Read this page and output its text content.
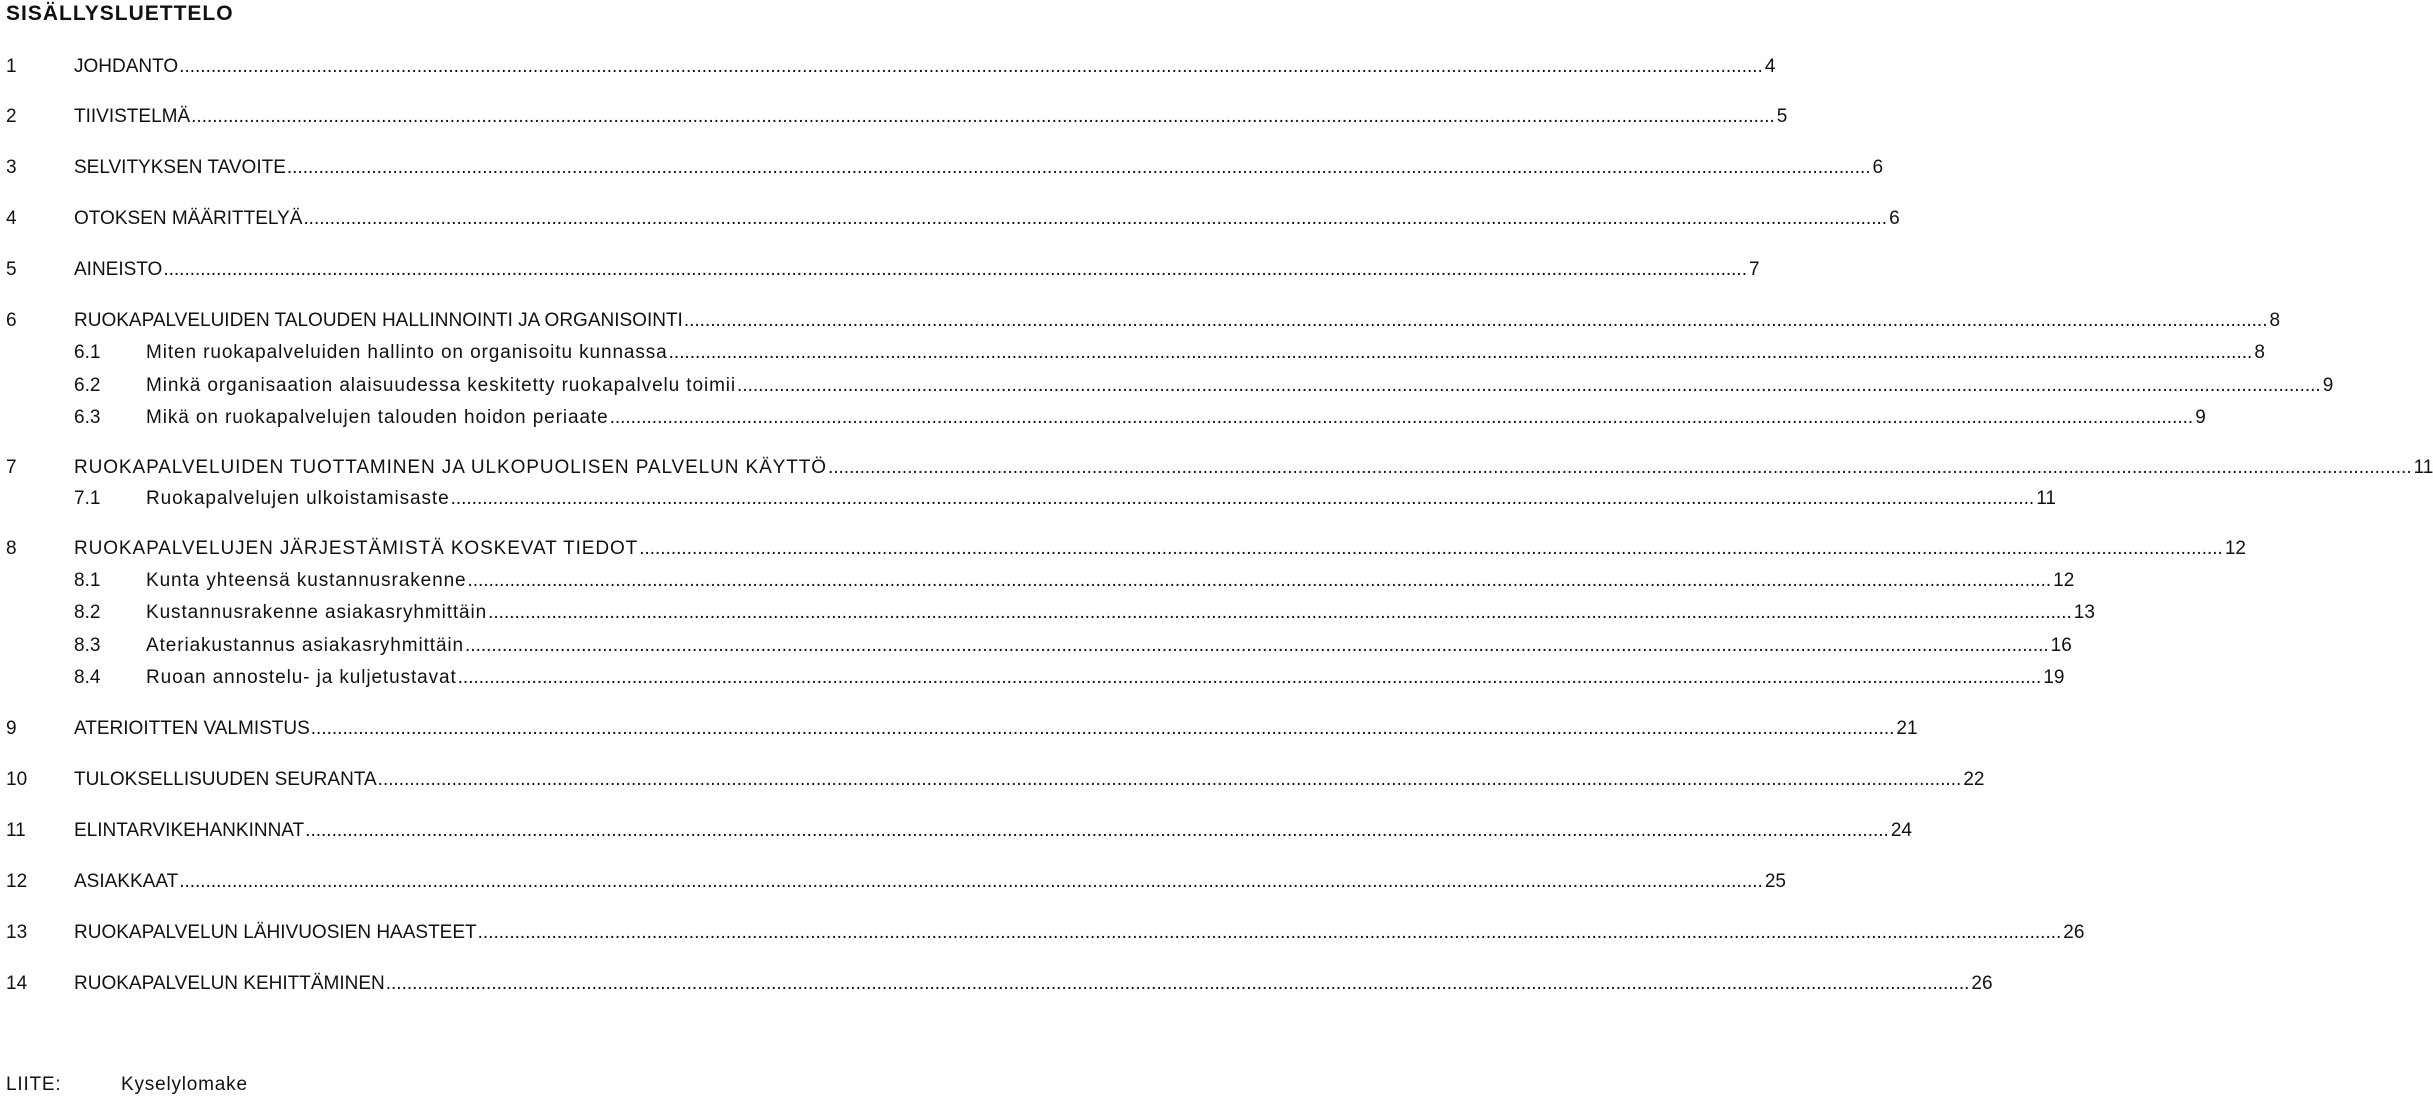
SISÄLLYSLUETTELO
1	JOHDANTO ............................................................................................................................................................................................................................................................................................................ 4
2	TIIVISTELMÄ ............................................................................................................................................................................................................................................................................................................ 5
3	SELVITYKSEN TAVOITE ............................................................................................................................................................................................................................................................................................................ 6
4	OTOKSEN MÄÄRITTELYÄ ............................................................................................................................................................................................................................................................................................................ 6
5	AINEISTO ............................................................................................................................................................................................................................................................................................................ 7
6	RUOKAPALVELUIDEN TALOUDEN HALLINNOINTI JA ORGANISOINTI ............................................................................................................................................................................................................................................................................................................ 8
6.1 Miten ruokapalveluiden hallinto on organisoitu kunnassa ............................................................................................................................................................................................................................................................................................................ 8
6.2 Minkä organisaation alaisuudessa keskitetty ruokapalvelu toimii ............................................................................................................................................................................................................................................................................................................ 9
6.3 Mikä on ruokapalvelujen talouden hoidon periaate ............................................................................................................................................................................................................................................................................................................ 9
7	RUOKAPALVELUIDEN TUOTTAMINEN JA ULKOPUOLISEN PALVELUN KÄYTTÖ ............................................................................................................................................................................................................................................................................................................ 11
7.1 Ruokapalvelujen ulkoistamisaste ............................................................................................................................................................................................................................................................................................................ 11
8	RUOKAPALVELUJEN JÄRJESTÄMISTÄ KOSKEVAT TIEDOT ............................................................................................................................................................................................................................................................................................................ 12
8.1 Kunta yhteensä kustannusrakenne ............................................................................................................................................................................................................................................................................................................ 12
8.2 Kustannusrakenne asiakasryhmittäin ............................................................................................................................................................................................................................................................................................................ 13
8.3 Ateriakustannus asiakasryhmittäin ............................................................................................................................................................................................................................................................................................................ 16
8.4 Ruoan annostelu- ja kuljetustavat ............................................................................................................................................................................................................................................................................................................ 19
9	ATERIOITTEN VALMISTUS ............................................................................................................................................................................................................................................................................................................ 21
10 TULOKSELLISUUDEN SEURANTA ............................................................................................................................................................................................................................................................................................................ 22
11	ELINTARVIKEHANKINNAT ............................................................................................................................................................................................................................................................................................................ 24
12 ASIAKKAAT ............................................................................................................................................................................................................................................................................................................ 25
13 RUOKAPALVELUN LÄHIVUOSIEN HAASTEET ............................................................................................................................................................................................................................................................................................................ 26
14 RUOKAPALVELUN KEHITTÄMINEN ............................................................................................................................................................................................................................................................................................................ 26
LIITE:	Kyselylomake
